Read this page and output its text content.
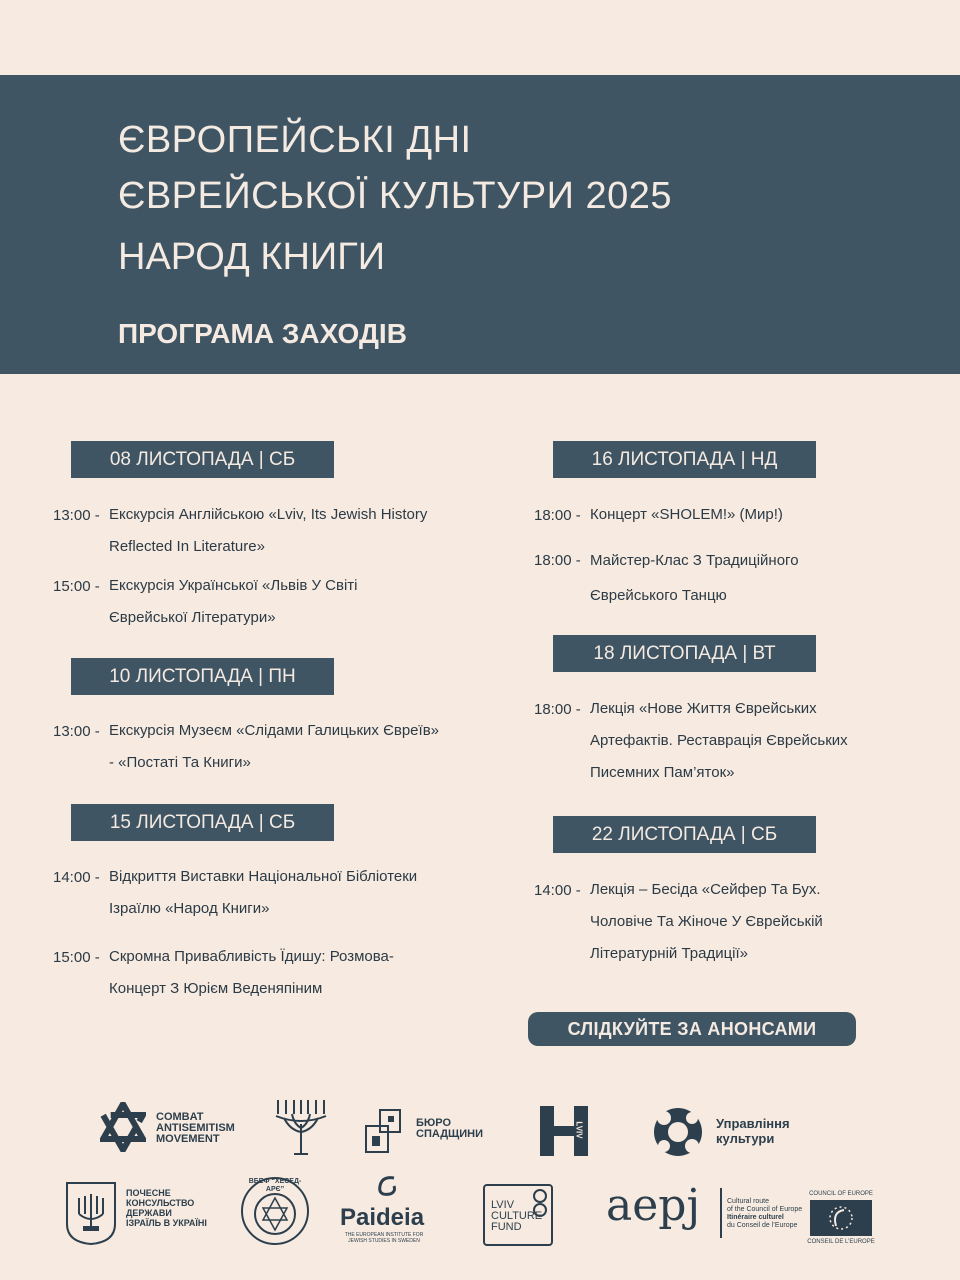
ЄВРОПЕЙСЬКІ ДНІ
ЄВРЕЙСЬКОЇ КУЛЬТУРИ 2025
НАРОД КНИГИ
ПРОГРАМА ЗАХОДІВ
08 ЛИСТОПАДА | СБ
13:00 - Екскурсія Англійською «Lviv, Its Jewish History Reflected In Literature»
15:00 - Екскурсія Української «Львів У Світі Єврейської Літератури»
10 ЛИСТОПАДА | ПН
13:00 - Екскурсія Музеєм «Слідами Галицьких Євреїв» - «Постаті Та Книги»
15 ЛИСТОПАДА | СБ
14:00 - Відкриття Виставки Національної Бібліотеки Ізраїлю «Народ Книги»
15:00 - Скромна Привабливість Їдишу: Розмова-Концерт З Юрієм Веденяпіним
16 ЛИСТОПАДА | НД
18:00 - Концерт «SHOLEM!» (Мир!)
18:00 - Майстер-Клас З Традиційного Єврейського Танцю
18 ЛИСТОПАДА | ВТ
18:00 - Лекція «Нове Життя Єврейських Артефактів. Реставрація Єврейських Писемних Пам’яток»
22 ЛИСТОПАДА | СБ
14:00 - Лекція – Бесіда «Сейфер Та Бух. Чоловіче Та Жіноче У Єврейській Літературній Традиції»
СЛІДКУЙТЕ ЗА АНОНСАМИ
COMBAT
ANTISEMITISM
MOVEMENT
БЮРО
СПАДЩИНИ	LVIV	Управління
культури
ПОЧЕСНЕ
КОНСУЛЬСТВО
ДЕРЖАВИ
ІЗРАЇЛЬ В УКРАЇНІ
ВБЕФ “ХЕСЕД-АРЄ”
Paideia
THE EUROPEAN INSTITUTE FOR
JEWISH STUDIES IN SWEDEN
LVIV
CULTURE
FUND	aepj	Cultural route
of the Council of Europe
Itinéraire culturel
du Conseil de l’Europe
COUNCIL OF EUROPE
CONSEIL DE L’EUROPE
